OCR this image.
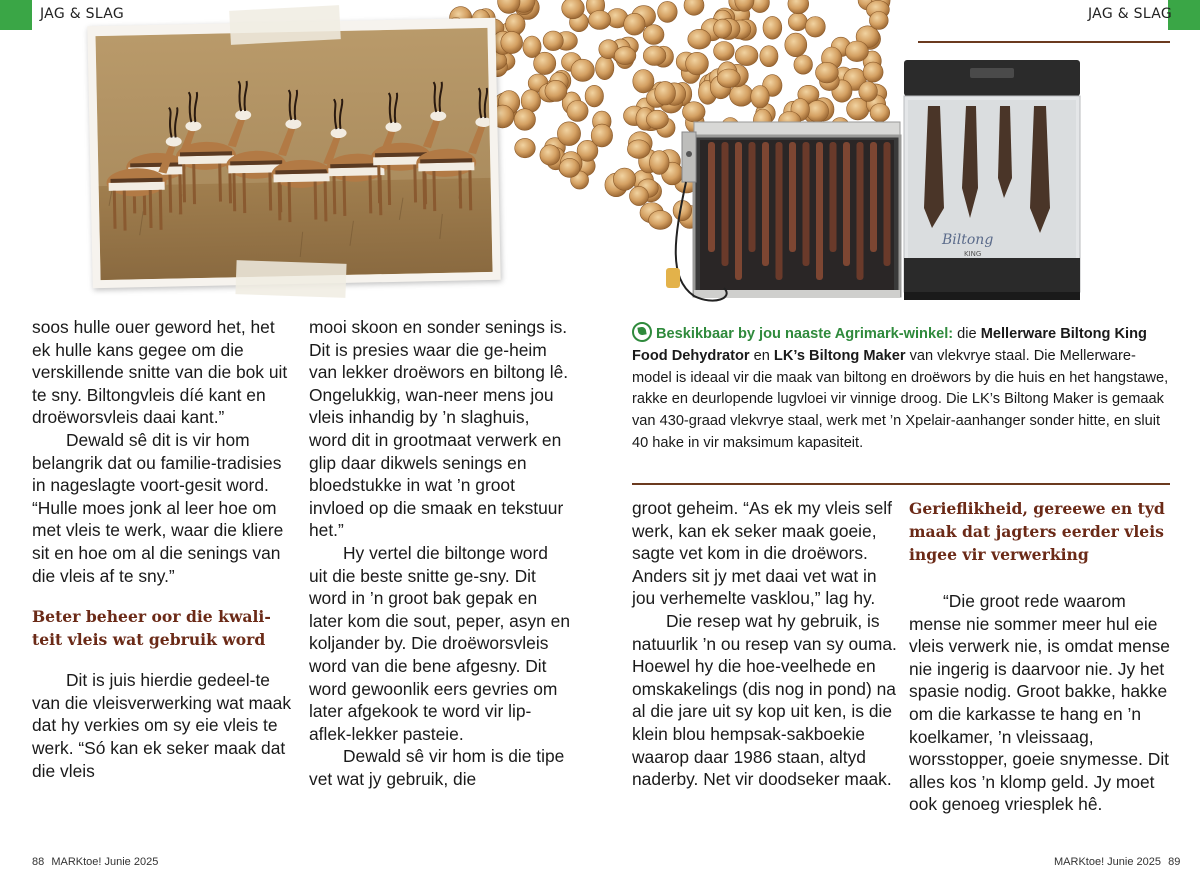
JAG & SLAG	JAG & SLAG
Biltong
KING

soos hulle ouer geword het, het ek hulle kans gegee om die verskillende snitte van die bok uit te sny. Biltongvleis díé kant en droëworsvleis daai kant.”

Dewald sê dit is vir hom belangrik dat ou familie-tradisies in nageslagte voort-gesit word. “Hulle moes jonk al leer hoe om met vleis te werk, waar die kliere sit en hoe om al die senings van die vleis af te sny.”

Beter beheer oor die kwali-teit vleis wat gebruik word

Dit is juis hierdie gedeel-te van die vleisverwerking wat maak dat hy verkies om sy eie vleis te werk. “Só kan ek seker maak dat die vleis

mooi skoon en sonder senings is. Dit is presies waar die ge-heim van lekker droëwors en biltong lê. Ongelukkig, wan-neer mens jou vleis inhandig by ’n slaghuis, word dit in grootmaat verwerk en glip daar dikwels senings en bloedstukke in wat ’n groot invloed op die smaak en tekstuur het.”

Hy vertel die biltonge word uit die beste snitte ge-sny. Dit word in ’n groot bak gepak en later kom die sout, peper, asyn en koljander by. Die droëworsvleis word van die bene afgesny. Dit word gewoonlik eers gevries om later afgekook te word vir lip-aflek-lekker pasteie.

Dewald sê vir hom is die tipe vet wat jy gebruik, die

Beskikbaar by jou naaste Agrimark-winkel: die Mellerware Biltong King Food Dehydrator en LK’s Biltong Maker van vlekvrye staal. Die Mellerware-model is ideaal vir die maak van biltong en droëwors by die huis en het hangstawe, rakke en deurlopende lugvloei vir vinnige droog. Die LK’s Biltong Maker is gemaak van 430-graad vlekvrye staal, werk met ’n Xpelair-aanhanger sonder hitte, en sluit 40 hake in vir maksimum kapasiteit.

groot geheim. “As ek my vleis self werk, kan ek seker maak goeie, sagte vet kom in die droëwors. Anders sit jy met daai vet wat in jou verhemelte vasklou,” lag hy.

Die resep wat hy gebruik, is natuurlik ’n ou resep van sy ouma. Hoewel hy die hoe-veelhede en omskakelings (dis nog in pond) na al die jare uit sy kop uit ken, is die klein blou hempsak-sakboekie waarop daar 1986 staan, altyd naderby. Net vir doodseker maak.

Gerieflikheid, gereewe en tyd maak dat jagters eerder vleis ingee vir verwerking

“Die groot rede waarom mense nie sommer meer hul eie vleis verwerk nie, is omdat mense nie ingerig is daarvoor nie. Jy het spasie nodig. Groot bakke, hakke om die karkasse te hang en ’n koelkamer, ’n vleissaag, worsstopper, goeie snymesse. Dit alles kos ’n klomp geld. Jy moet ook genoeg vriesplek hê.

88 MARKtoe! Junie 2025	MARKtoe! Junie 2025 89
